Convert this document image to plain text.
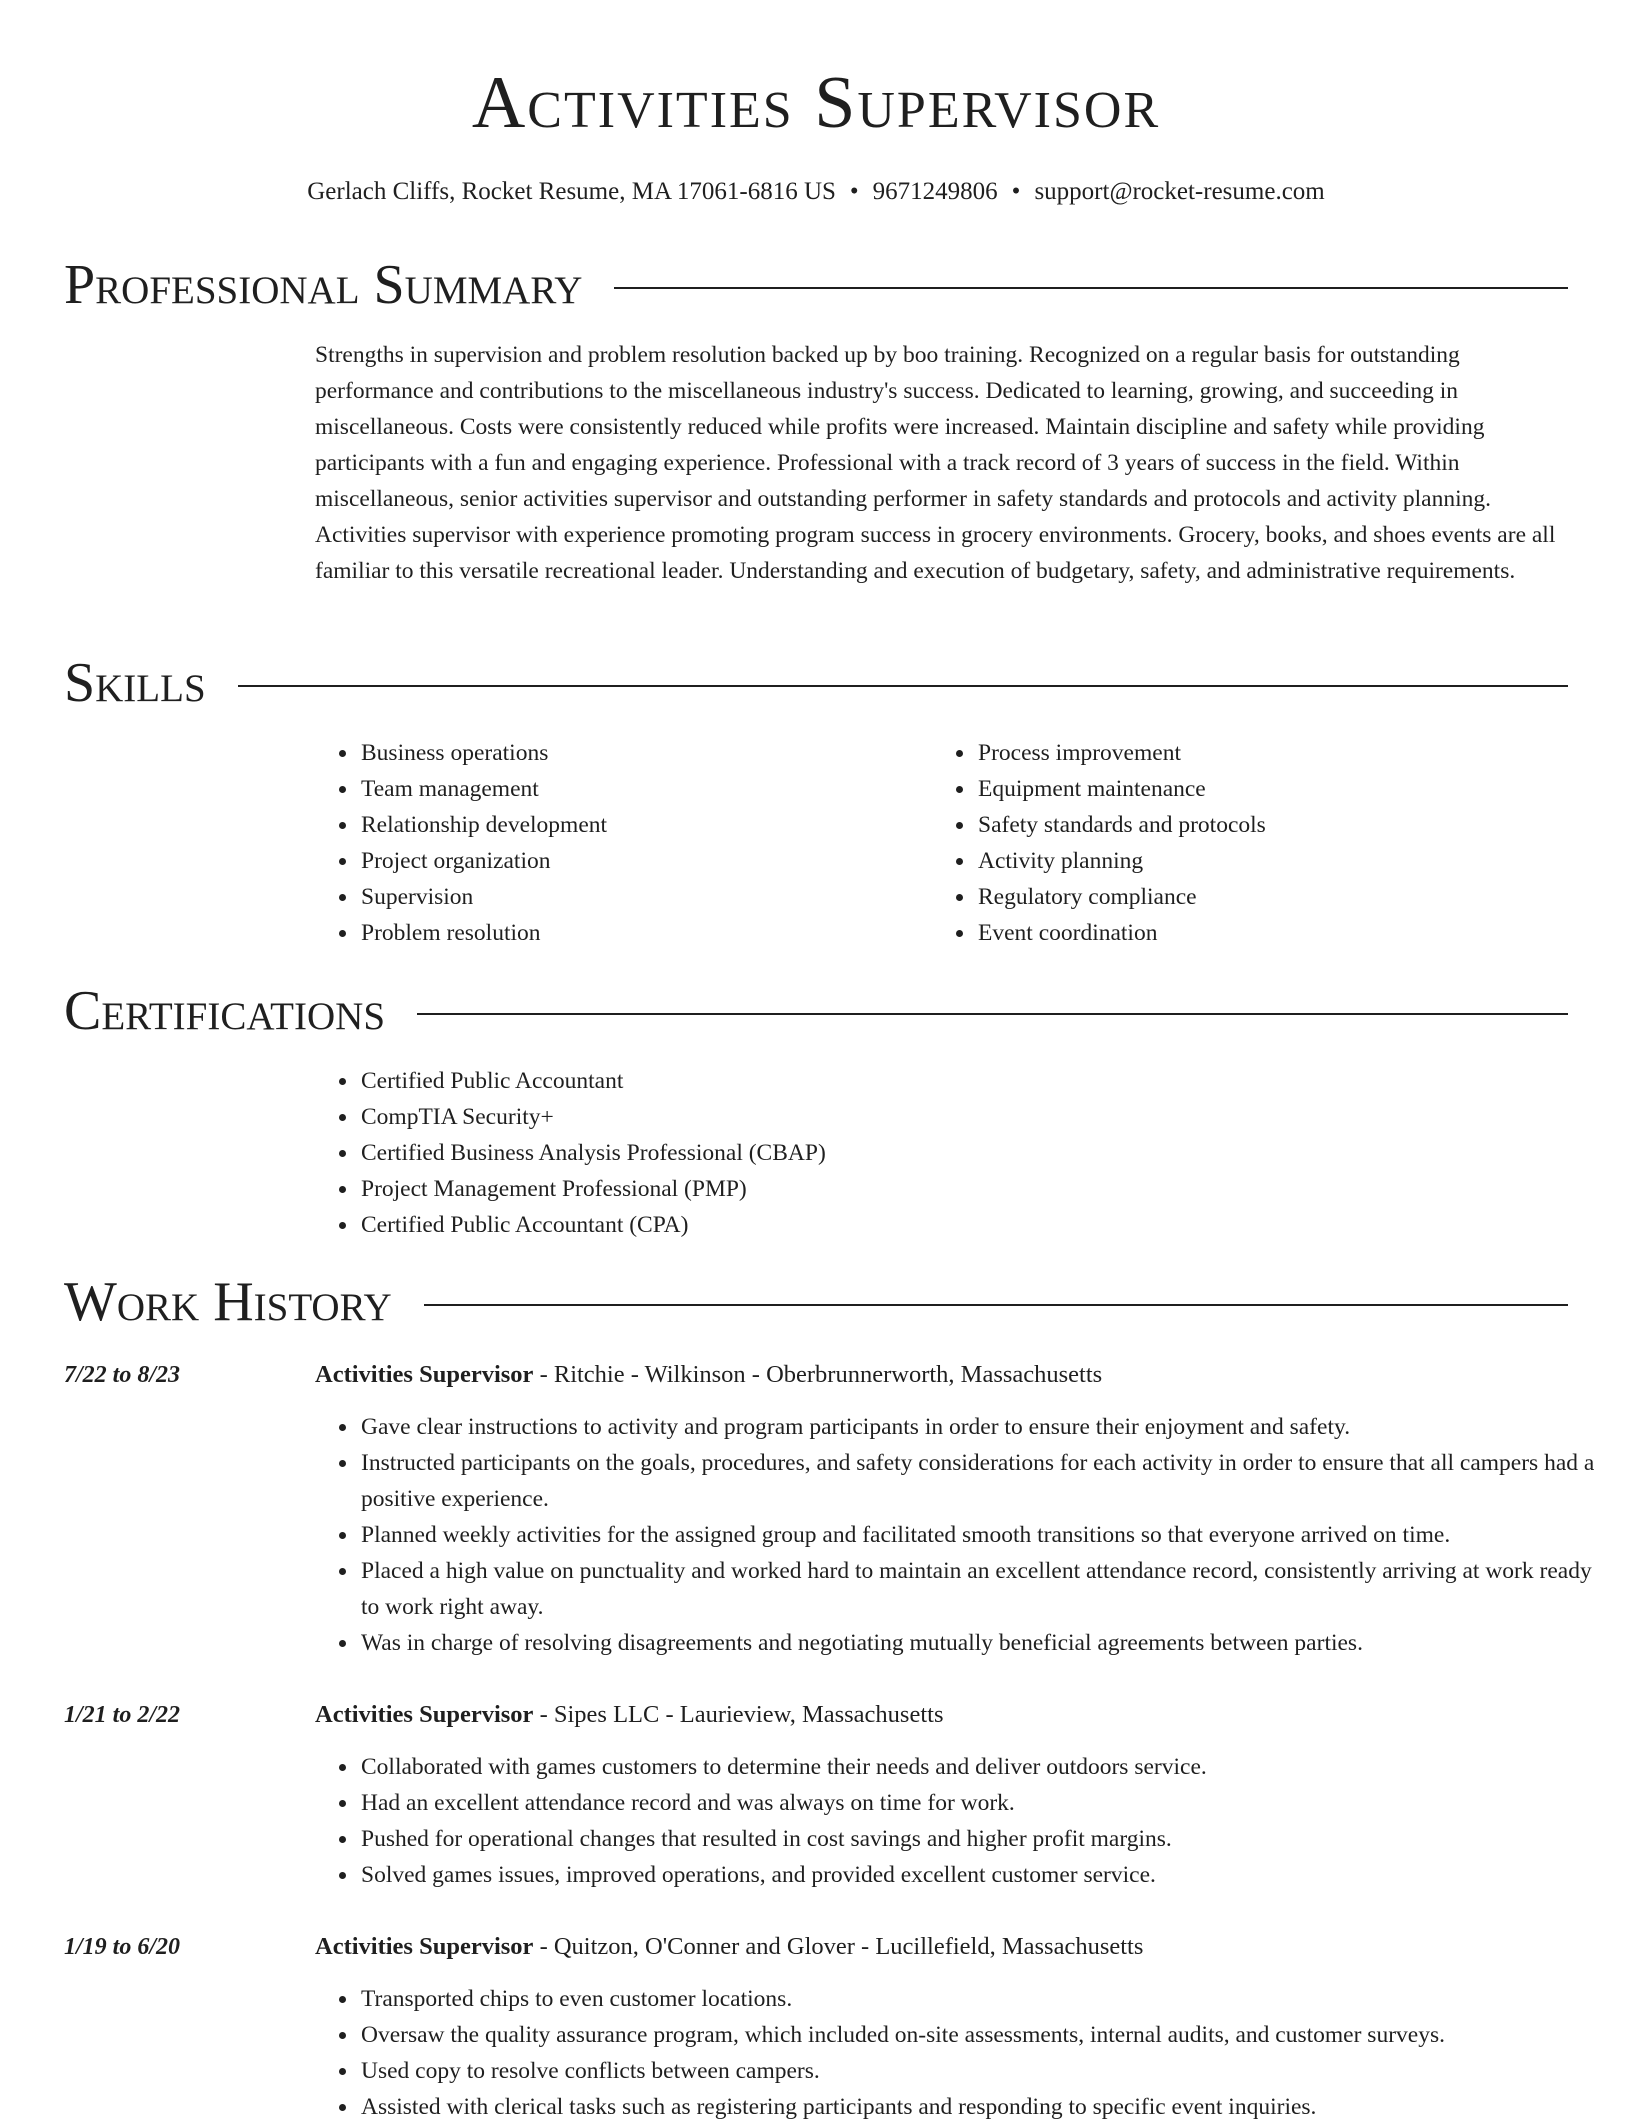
Activities Supervisor
Gerlach Cliffs, Rocket Resume, MA 17061-6816 US • 9671249806 • support@rocket-resume.com
Professional Summary

Strengths in supervision and problem resolution backed up by boo training. Recognized on a regular basis for outstanding performance and contributions to the miscellaneous industry's success. Dedicated to learning, growing, and succeeding in miscellaneous. Costs were consistently reduced while profits were increased. Maintain discipline and safety while providing participants with a fun and engaging experience. Professional with a track record of 3 years of success in the field. Within miscellaneous, senior activities supervisor and outstanding performer in safety standards and protocols and activity planning. Activities supervisor with experience promoting program success in grocery environments. Grocery, books, and shoes events are all familiar to this versatile recreational leader. Understanding and execution of budgetary, safety, and administrative requirements.

Skills
• Business operations
• Team management
• Relationship development
• Project organization
• Supervision
• Problem resolution
• Process improvement
• Equipment maintenance
• Safety standards and protocols
• Activity planning
• Regulatory compliance
• Event coordination
Certifications
• Certified Public Accountant
• CompTIA Security+
• Certified Business Analysis Professional (CBAP)
• Project Management Professional (PMP)
• Certified Public Accountant (CPA)
Work History
7/22 to 8/23	Activities Supervisor - Ritchie - Wilkinson - Oberbrunnerworth, Massachusetts
• Gave clear instructions to activity and program participants in order to ensure their enjoyment and safety.
• Instructed participants on the goals, procedures, and safety considerations for each activity in order to ensure that all campers had a positive experience.
• Planned weekly activities for the assigned group and facilitated smooth transitions so that everyone arrived on time.
• Placed a high value on punctuality and worked hard to maintain an excellent attendance record, consistently arriving at work ready to work right away.
• Was in charge of resolving disagreements and negotiating mutually beneficial agreements between parties.
1/21 to 2/22	Activities Supervisor - Sipes LLC - Laurieview, Massachusetts
• Collaborated with games customers to determine their needs and deliver outdoors service.
• Had an excellent attendance record and was always on time for work.
• Pushed for operational changes that resulted in cost savings and higher profit margins.
• Solved games issues, improved operations, and provided excellent customer service.
1/19 to 6/20	Activities Supervisor - Quitzon, O'Conner and Glover - Lucillefield, Massachusetts
• Transported chips to even customer locations.
• Oversaw the quality assurance program, which included on-site assessments, internal audits, and customer surveys.
• Used copy to resolve conflicts between campers.
• Assisted with clerical tasks such as registering participants and responding to specific event inquiries.
